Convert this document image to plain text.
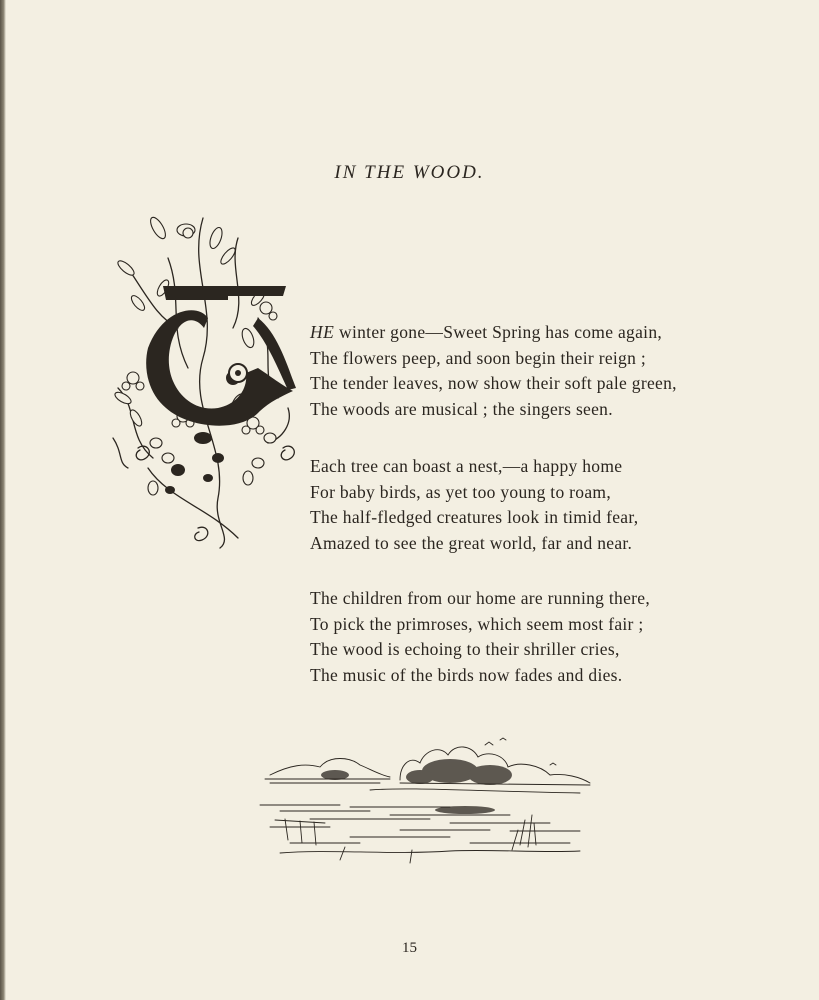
IN THE WOOD.
HE winter gone—Sweet Spring has come again,
The flowers peep, and soon begin their reign ;
The tender leaves, now show their soft pale green,
The woods are musical ; the singers seen.
Each tree can boast a nest,—a happy home
For baby birds, as yet too young to roam,
The half-fledged creatures look in timid fear,
Amazed to see the great world, far and near.
The children from our home are running there,
To pick the primroses, which seem most fair ;
The wood is echoing to their shriller cries,
The music of the birds now fades and dies.
15
